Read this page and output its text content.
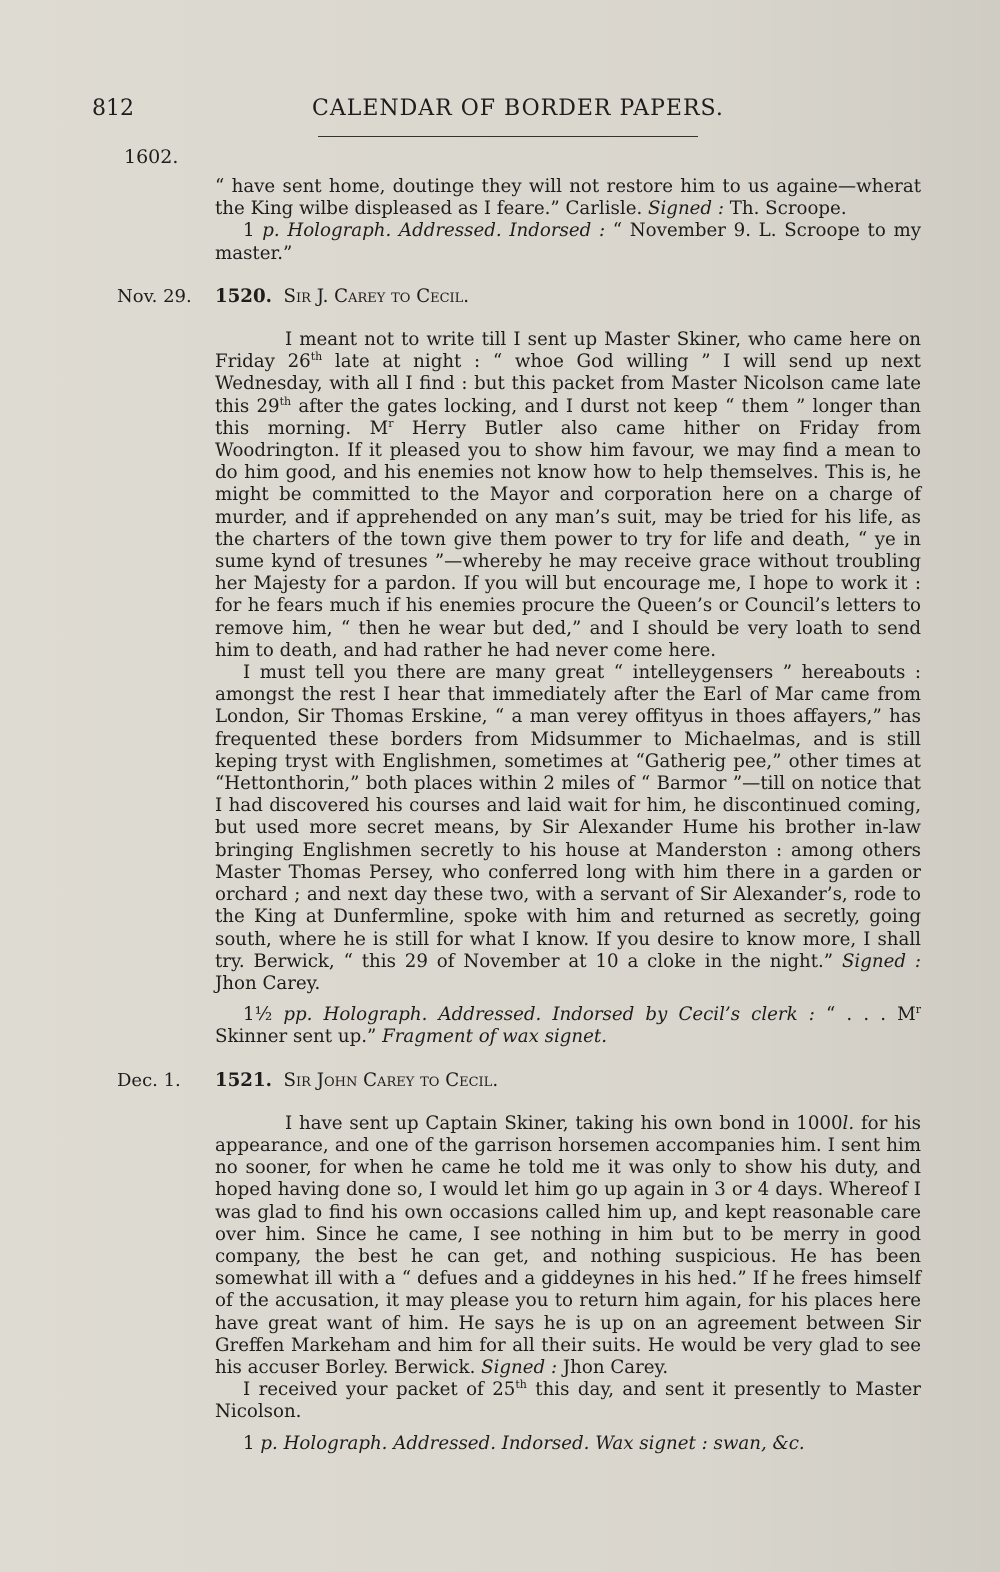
812	CALENDAR OF BORDER PAPERS.
1602.

“ have sent home, doutinge they will not restore him to us againe—wherat the King wilbe displeased as I feare.” Carlisle. Signed : Th. Scroope.

1 p. Holograph. Addressed. Indorsed : “ November 9. L. Scroope to my master.”

Nov. 29.	1520. Sir J. Carey to Cecil.

I meant not to write till I sent up Master Skiner, who came here on Friday 26th late at night : “ whoe God willing ” I will send up next Wednesday, with all I find : but this packet from Master Nicolson came late this 29th after the gates locking, and I durst not keep “ them ” longer than this morning. $M^r$ Herry Butler also came hither on Friday from Woodrington. If it pleased you to show him favour, we may find a mean to do him good, and his enemies not know how to help themselves. This is, he might be committed to the Mayor and corporation here on a charge of murder, and if apprehended on any man’s suit, may be tried for his life, as the charters of the town give them power to try for life and death, “ ye in sume kynd of tresunes ”—whereby he may receive grace without troubling her Majesty for a pardon. If you will but encourage me, I hope to work it : for he fears much if his enemies procure the Queen’s or Council’s letters to remove him, “ then he wear but ded,” and I should be very loath to send him to death, and had rather he had never come here.

I must tell you there are many great “ intelleygensers ” hereabouts : amongst the rest I hear that immediately after the Earl of Mar came from London, Sir Thomas Erskine, “ a man verey offityus in thoes affayers,” has frequented these borders from Midsummer to Michaelmas, and is still keping tryst with Englishmen, sometimes at “Gatherig pee,” other times at “Hettonthorin,” both places within 2 miles of “ Barmor ”—till on notice that I had discovered his courses and laid wait for him, he discontinued coming, but used more secret means, by Sir Alexander Hume his brother in-law bringing Englishmen secretly to his house at Manderston : among others Master Thomas Persey, who conferred long with him there in a garden or orchard ; and next day these two, with a servant of Sir Alexander’s, rode to the King at Dunfermline, spoke with him and returned as secretly, going south, where he is still for what I know. If you desire to know more, I shall try. Berwick, “ this 29 of November at 10 a cloke in the night.” Signed : Jhon Carey.

1½ pp. Holograph. Addressed. Indorsed by Cecil’s clerk : “ . . . $M^r$ Skinner sent up.” Fragment of wax signet.

Dec. 1.	1521. Sir John Carey to Cecil.

I have sent up Captain Skiner, taking his own bond in 1000l. for his appearance, and one of the garrison horsemen accompanies him. I sent him no sooner, for when he came he told me it was only to show his duty, and hoped having done so, I would let him go up again in 3 or 4 days. Whereof I was glad to find his own occasions called him up, and kept reasonable care over him. Since he came, I see nothing in him but to be merry in good company, the best he can get, and nothing suspicious. He has been somewhat ill with a “ defues and a giddeynes in his hed.” If he frees himself of the accusation, it may please you to return him again, for his places here have great want of him. He says he is up on an agreement between Sir Greffen Markeham and him for all their suits. He would be very glad to see his accuser Borley. Berwick. Signed : Jhon Carey.

I received your packet of 25th this day, and sent it presently to Master Nicolson.

1 p. Holograph. Addressed. Indorsed. Wax signet : swan, &c.
